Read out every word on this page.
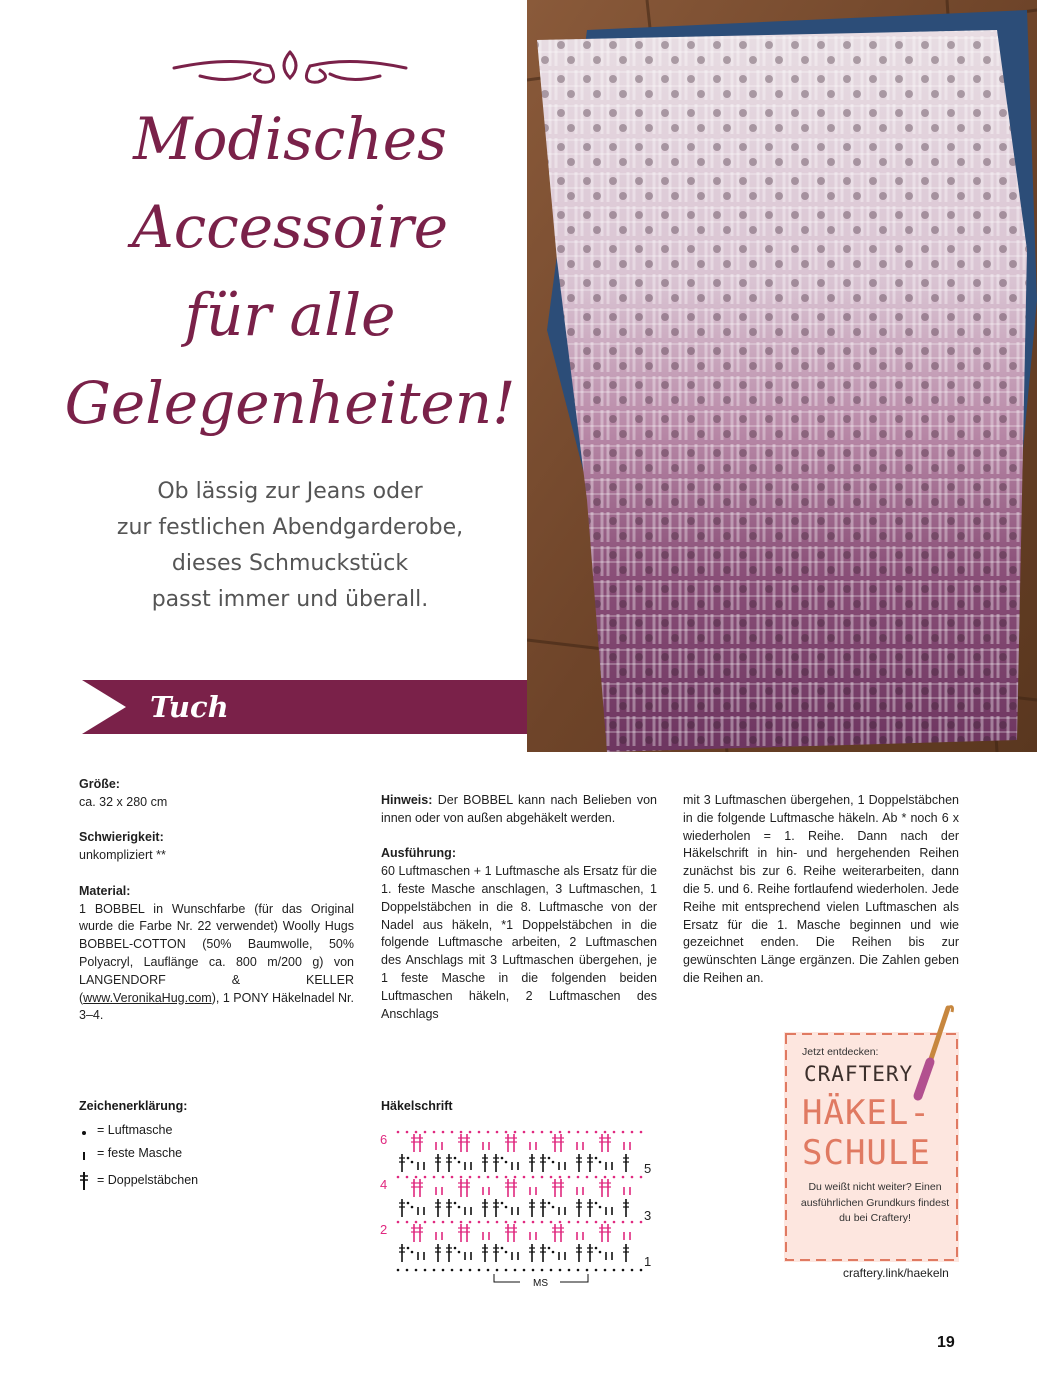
Modisches
Accessoire
für alle
Gelegenheiten!

Ob lässig zur Jeans oder
zur festlichen Abendgarderobe,
dieses Schmuckstück
passt immer und überall.

Tuch

Größe:

ca. 32 x 280 cm

Schwierigkeit:

unkompliziert **

Material:

1 BOBBEL in Wunschfarbe (für das Original wurde die Farbe Nr. 22 verwendet) Woolly Hugs BOBBEL-COTTON (50% Baumwolle, 50% Polyacryl, Lauflänge ca. 800 m/200 g) von LANGENDORF & KELLER (www.VeronikaHug.com), 1 PONY Häkelnadel Nr. 3–4.

Hinweis: Der BOBBEL kann nach Belieben von innen oder von außen abgehäkelt werden.

Ausführung:

60 Luftmaschen + 1 Luftmasche als Ersatz für die 1. feste Masche anschlagen, 3 Luftmaschen, 1 Doppelstäbchen in die 8. Luftmasche von der Nadel aus häkeln, *1 Doppelstäbchen in die folgende Luftmasche arbeiten, 2 Luftmaschen des Anschlags mit 3 Luftmaschen übergehen, je 1 feste Masche in die folgenden beiden Luftmaschen häkeln, 2 Luftmaschen des Anschlags

mit 3 Luftmaschen übergehen, 1 Doppelstäbchen in die folgende Luftmasche häkeln. Ab * noch 6 x wiederholen = 1. Reihe. Dann nach der Häkelschrift in hin- und hergehenden Reihen zunächst bis zur 6. Reihe weiterarbeiten, dann die 5. und 6. Reihe fortlaufend wiederholen. Jede Reihe mit entsprechend vielen Luftmaschen als Ersatz für die 1. Masche beginnen und wie gezeichnet enden. Die Reihen bis zur gewünschten Länge ergänzen. Die Zahlen geben die Reihen an.

Zeichenerklärung:
= Luftmasche
= feste Masche
= Doppelstäbchen
Häkelschrift
6
4
2
5
3
1
MS
Jetzt entdecken:
CRAFTERY
HÄKEL-
SCHULE
Du weißt nicht weiter? Einen ausführlichen Grundkurs findest du bei Craftery!
craftery.link/haekeln
19
